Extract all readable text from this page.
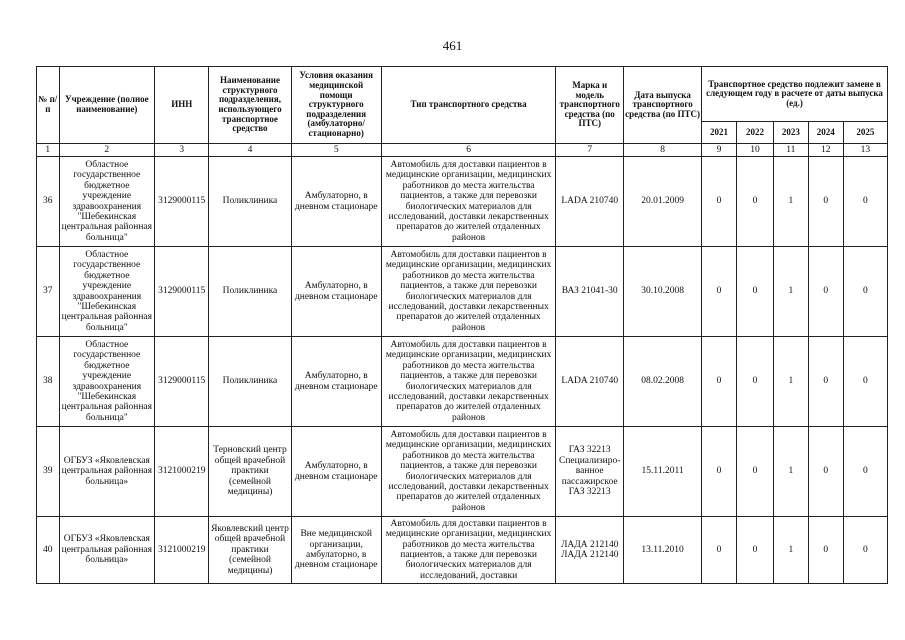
461
№ п/п	Учреждение (полное наименование)	ИНН	Наименование структурного подразделения, использующего транспортное средство	Условия оказания медицинской помощи структурного подразделения (амбулаторно/ стационарно)	Тип транспортного средства	Марка и модель транспортного средства (по ПТС)	Дата выпуска транспортного средства (по ПТС)	Транспортное средство подлежит замене в следующем году в расчете от даты выпуска (ед.)				
								2021	2022	2023	2024	2025
1	2	3	4	5	6	7	8	9	10	11	12	13
36	Областное государственное бюджетное учреждение здравоохранения "Шебекинская центральная районная больница"	3129000115	Поликлиника	Амбулаторно, в дневном стационаре	Автомобиль для доставки пациентов в медицинские организации, медицинских работников до места жительства пациентов, а также для перевозки биологических материалов для исследований, доставки лекарственных препаратов до жителей отдаленных районов	LADA 210740	20.01.2009	0	0	1	0	0
37	Областное государственное бюджетное учреждение здравоохранения "Шебекинская центральная районная больница"	3129000115	Поликлиника	Амбулаторно, в дневном стационаре	Автомобиль для доставки пациентов в медицинские организации, медицинских работников до места жительства пациентов, а также для перевозки биологических материалов для исследований, доставки лекарственных препаратов до жителей отдаленных районов	ВАЗ 21041-30	30.10.2008	0	0	1	0	0
38	Областное государственное бюджетное учреждение здравоохранения "Шебекинская центральная районная больница"	3129000115	Поликлиника	Амбулаторно, в дневном стационаре	Автомобиль для доставки пациентов в медицинские организации, медицинских работников до места жительства пациентов, а также для перевозки биологических материалов для исследований, доставки лекарственных препаратов до жителей отдаленных районов	LADA 210740	08.02.2008	0	0	1	0	0
39	ОГБУЗ «Яковлевская центральная районная больница»	3121000219	Терновский центр общей врачебной практики (семейной медицины)	Амбулаторно, в дневном стационаре	Автомобиль для доставки пациентов в медицинские организации, медицинских работников до места жительства пациентов, а также для перевозки биологических материалов для исследований, доставки лекарственных препаратов до жителей отдаленных районов	ГАЗ 32213 Специализиро-ванное пассажирское ГАЗ 32213	15.11.2011	0	0	1	0	0
40	ОГБУЗ «Яковлевская центральная районная больница»	3121000219	Яковлевский центр общей врачебной практики (семейной медицины)	Вне медицинской организации, амбулаторно, в дневном стационаре	Автомобиль для доставки пациентов в медицинские организации, медицинских работников до места жительства пациентов, а также для перевозки биологических материалов для исследований, доставки	ЛАДА 212140 ЛАДА 212140	13.11.2010	0	0	1	0	0
